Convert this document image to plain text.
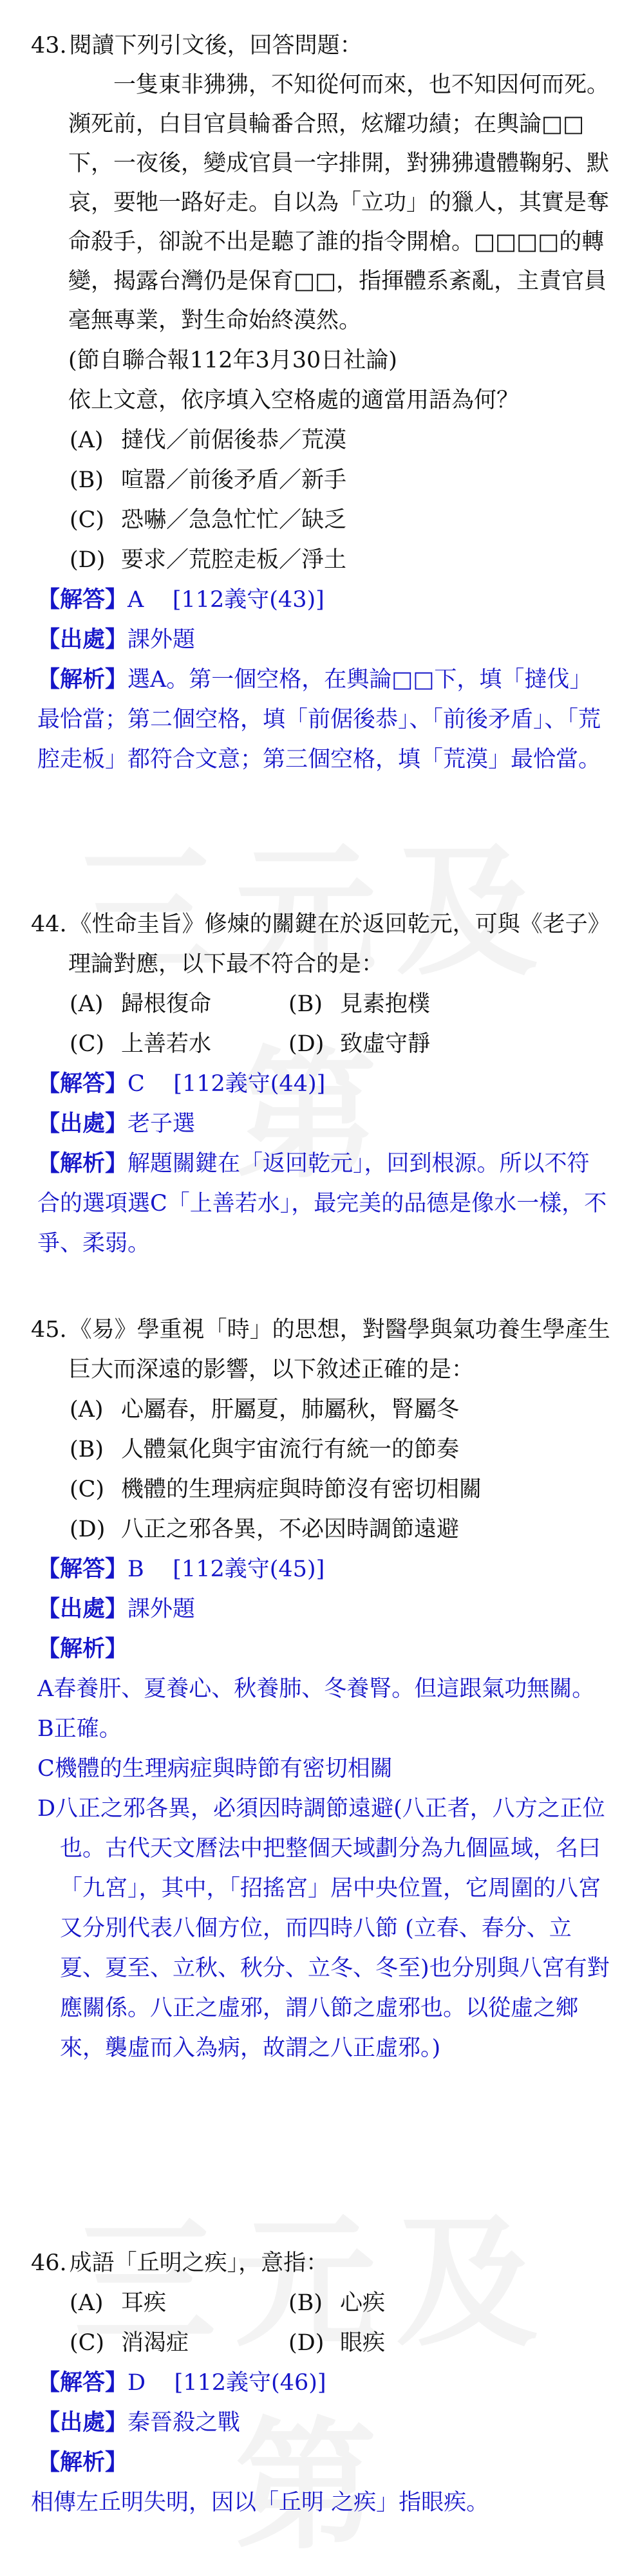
43. 閱讀下列引文後，回答問題：

一隻東非狒狒，不知從何而來，也不知因何而死。瀕死前，白目官員輪番合照，炫耀功績；在輿論□□下，一夜後，變成官員一字排開，對狒狒遺體鞠躬、默哀，要牠一路好走。自以為「立功」的獵人，其實是奪命殺手，卻說不出是聽了誰的指令開槍。□□□□的轉變，揭露台灣仍是保育□□，指揮體系紊亂，主責官員毫無專業，對生命始終漠然。

(節自聯合報112年3月30日社論)

依上文意，依序填入空格處的適當用語為何？

(A) 撻伐／前倨後恭／荒漠
(B) 喧嚣／前後矛盾／新手
(C) 恐嚇／急急忙忙／缺乏
(D) 要求／荒腔走板／淨土

【解答】A [112義守(43)]

【出處】課外題

【解析】選A。第一個空格，在輿論□□下，填「撻伐」最恰當；第二個空格，填「前倨後恭」、「前後矛盾」、「荒腔走板」都符合文意；第三個空格，填「荒漠」最恰當。

44. 《性命圭旨》修煉的關鍵在於返回乾元，可與《老子》理論對應，以下最不符合的是：

(A) 歸根復命	(B) 見素抱樸
(C) 上善若水	(D) 致虛守靜

【解答】C [112義守(44)]

【出處】老子選

【解析】解題關鍵在「返回乾元」，回到根源。所以不符合的選項選C「上善若水」，最完美的品德是像水一樣，不爭、柔弱。

45. 《易》學重視「時」的思想，對醫學與氣功養生學產生巨大而深遠的影響，以下敘述正確的是：

(A) 心屬春，肝屬夏，肺屬秋，腎屬冬
(B) 人體氣化與宇宙流行有統一的節奏
(C) 機體的生理病症與時節沒有密切相關
(D) 八正之邪各異，不必因時調節遠避

【解答】B [112義守(45)]

【出處】課外題

【解析】

A春養肝、夏養心、秋養肺、冬養腎。但這跟氣功無關。

B正確。

C機體的生理病症與時節有密切相關

D八正之邪各異，必須因時調節遠避(八正者，八方之正位也。古代天文曆法中把整個天域劃分為九個區域，名曰「九宮」，其中，「招搖宮」居中央位置，它周圍的八宮又分別代表八個方位，而四時八節 (立春、春分、立夏、夏至、立秋、秋分、立冬、冬至)也分別與八宮有對應關係。八正之虛邪，謂八節之虛邪也。以從虛之鄉來，襲虛而入為病，故謂之八正虛邪。)

46. 成語「丘明之疾」，意指：

(A) 耳疾	(B) 心疾
(C) 消渴症	(D) 眼疾

【解答】D [112義守(46)]

【出處】秦晉殺之戰

【解析】

相傳左丘明失明，因以「丘明 之疾」指眼疾。
